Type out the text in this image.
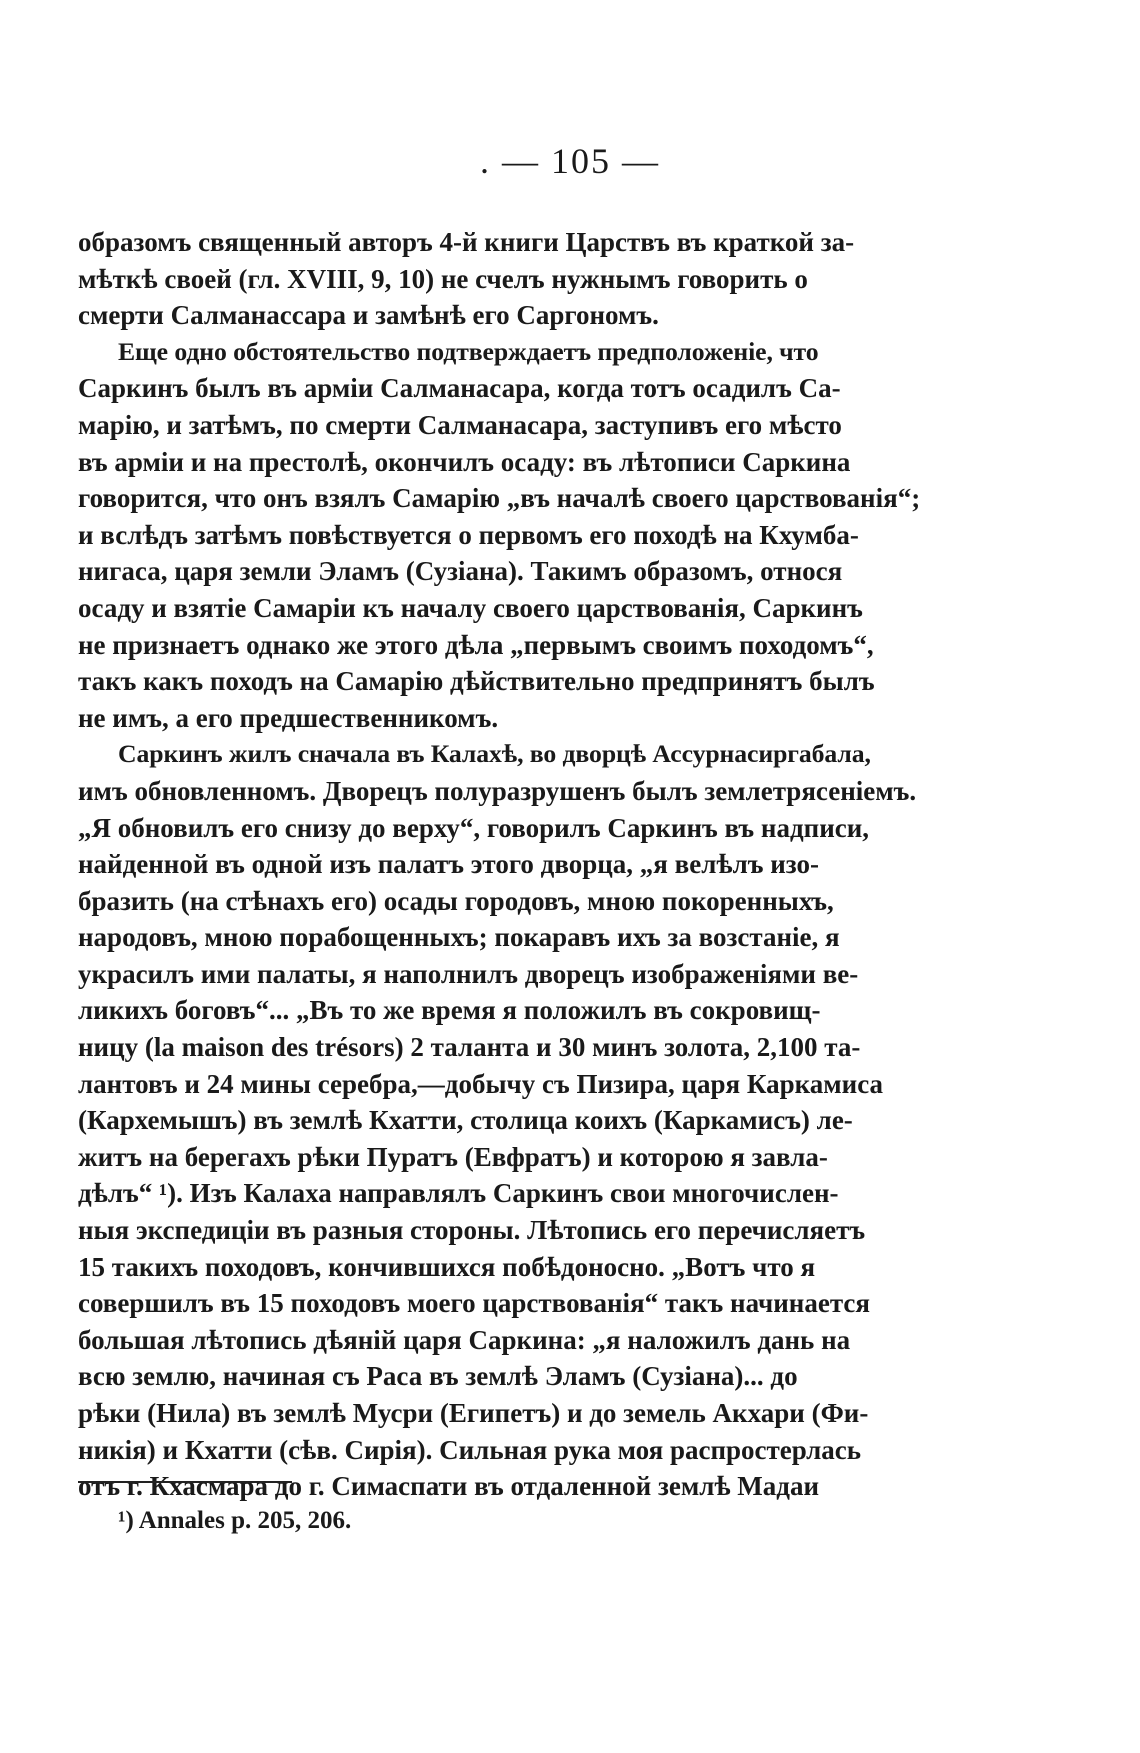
. — 105 —
образомъ священный авторъ 4-й книги Царствъ въ краткой за-
мѣткѣ своей (гл. XVIII, 9, 10) не счелъ нужнымъ говорить о
смерти Салманассара и замѣнѣ его Саргономъ.
Еще одно обстоятельство подтверждаетъ предположеніе, что
Саркинъ былъ въ арміи Салманасара, когда тотъ осадилъ Са-
марію, и затѣмъ, по смерти Салманасара, заступивъ его мѣсто
въ арміи и на престолѣ, окончилъ осаду: въ лѣтописи Саркина
говорится, что онъ взялъ Самарію „въ началѣ своего царствованія“;
и вслѣдъ затѣмъ повѣствуется о первомъ его походѣ на Кхумба-
нигаса, царя земли Эламъ (Сузіана). Такимъ образомъ, относя
осаду и взятіе Самаріи къ началу своего царствованія, Саркинъ
не признаетъ однако же этого дѣла „первымъ своимъ походомъ“,
такъ какъ походъ на Самарію дѣйствительно предпринятъ былъ
не имъ, а его предшественникомъ.
Саркинъ жилъ сначала въ Калахѣ, во дворцѣ Ассурнасиргабала,
имъ обновленномъ. Дворецъ полуразрушенъ былъ землетрясеніемъ.
„Я обновилъ его снизу до верху“, говорилъ Саркинъ въ надписи,
найденной въ одной изъ палатъ этого дворца, „я велѣлъ изо-
бразить (на стѣнахъ его) осады городовъ, мною покоренныхъ,
народовъ, мною порабощенныхъ; покаравъ ихъ за возстаніе, я
украсилъ ими палаты, я наполнилъ дворецъ изображеніями ве-
ликихъ боговъ“... „Въ то же время я положилъ въ сокровищ-
ницу (la maison des trésors) 2 таланта и 30 минъ золота, 2,100 та-
лантовъ и 24 мины серебра,—добычу съ Пизира, царя Каркамиса
(Кархемышъ) въ землѣ Кхатти, столица коихъ (Каркамисъ) ле-
житъ на берегахъ рѣки Пуратъ (Евфратъ) и которою я завла-
дѣлъ“ ¹). Изъ Калаха направлялъ Саркинъ свои многочислен-
ныя экспедиціи въ разныя стороны. Лѣтопись его перечисляетъ
15 такихъ походовъ, кончившихся побѣдоносно. „Вотъ что я
совершилъ въ 15 походовъ моего царствованія“ такъ начинается
большая лѣтопись дѣяній царя Саркина: „я наложилъ дань на
всю землю, начиная съ Раса въ землѣ Эламъ (Сузіана)... до
рѣки (Нила) въ землѣ Мусри (Египетъ) и до земель Акхари (Фи-
никія) и Кхатти (сѣв. Сирія). Сильная рука моя распростерлась
отъ г. Кхасмара до г. Симаспати въ отдаленной землѣ Мадаи
¹) Annales p. 205, 206.
